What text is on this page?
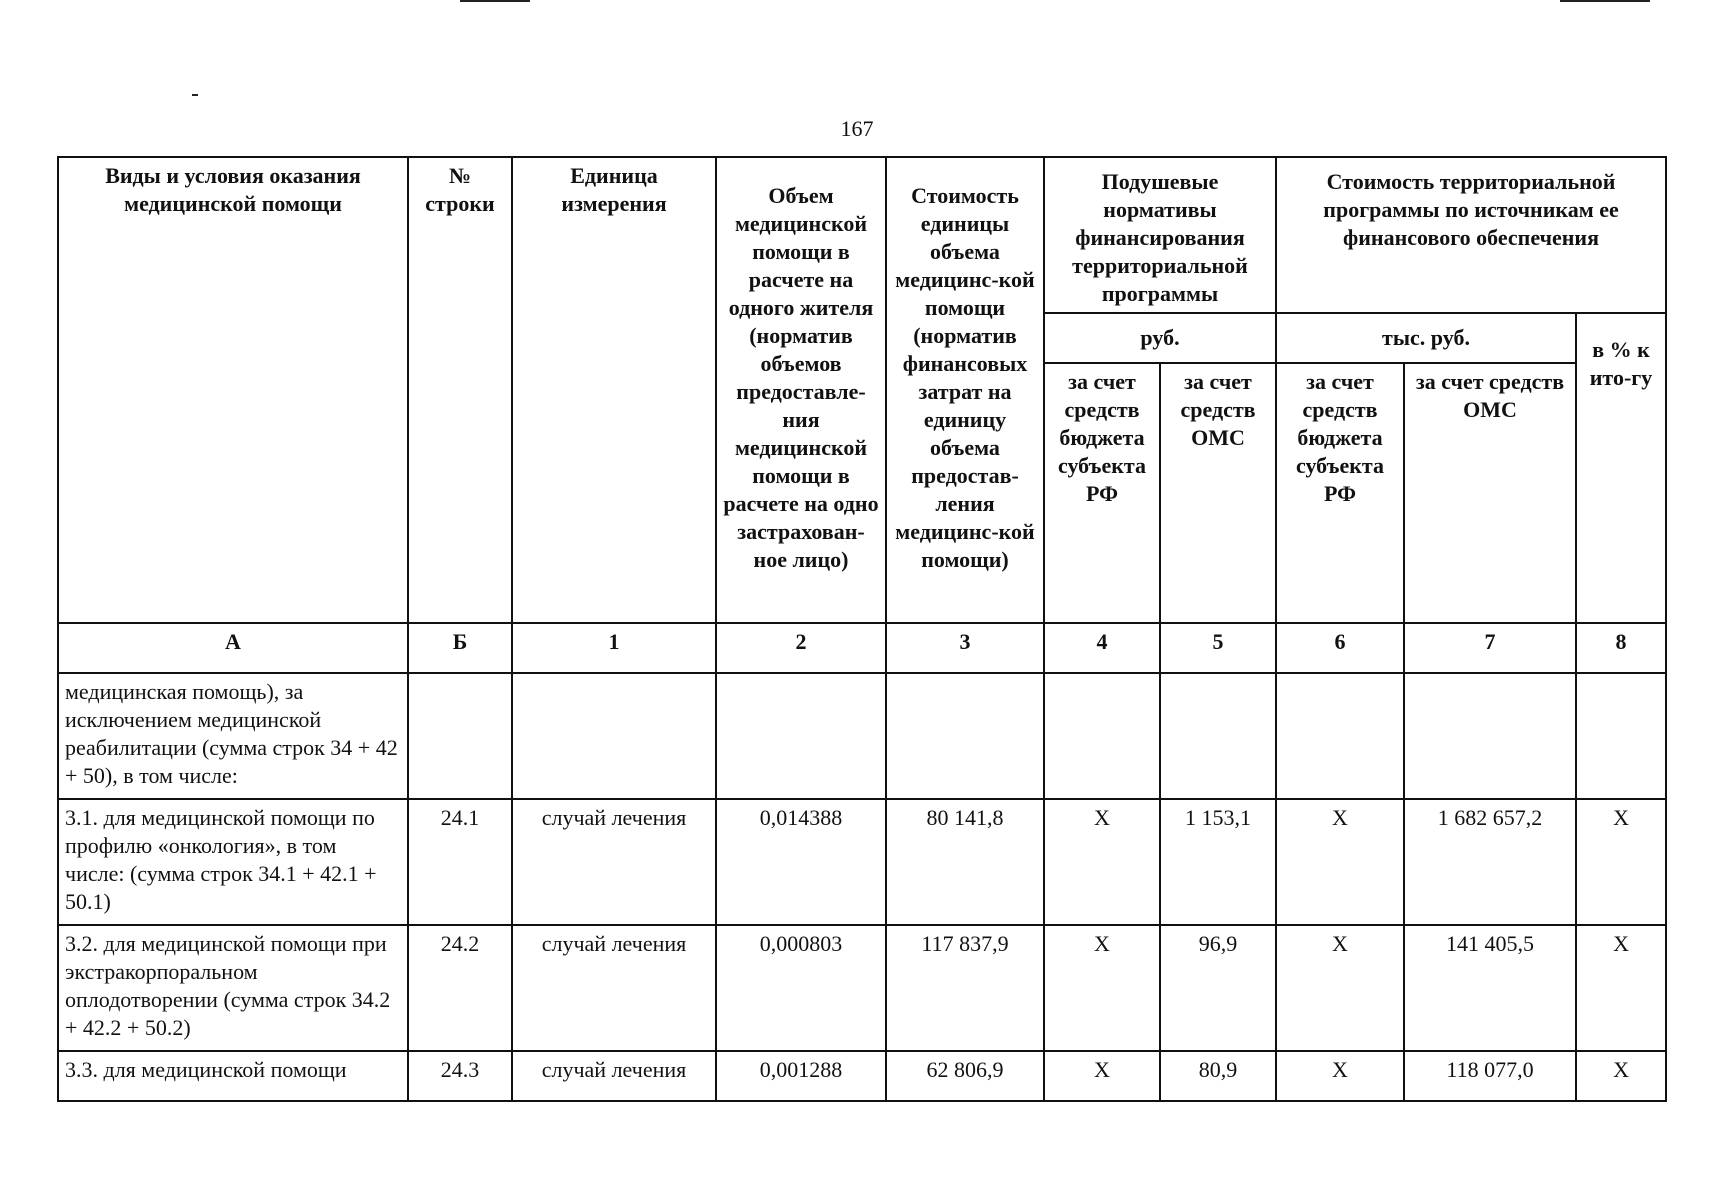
167
Виды и условия оказания медицинской помощи	№ строки	Единица измерения	Объем медицинской помощи в расчете на одного жителя (норматив объемов предоставле-ния медицинской помощи в расчете на одно застрахован-ное лицо)	Стоимость единицы объема медицинс-кой помощи (норматив финансовых затрат на единицу объема предостав-ления медицинс-кой помощи)	Подушевые нормативы финансирования территориальной программы		Стоимость территориальной программы по источникам ее финансового обеспечения		
					руб.		тыс. руб.		в % к ито-гу
					за счет средств бюджета субъекта РФ	за счет средств ОМС	за счет средств бюджета субъекта РФ	за счет средств ОМС	
А	Б	1	2	3	4	5	6	7	8
медицинская помощь), за исключением медицинской реабилитации (сумма строк 34 + 42 + 50), в том числе:									
3.1. для медицинской помощи по профилю «онкология», в том числе: (сумма строк 34.1 + 42.1 + 50.1)	24.1	случай лечения	0,014388	80 141,8	Х	1 153,1	Х	1 682 657,2	Х
3.2. для медицинской помощи при экстракорпоральном оплодотворении (сумма строк 34.2 + 42.2 + 50.2)	24.2	случай лечения	0,000803	117 837,9	Х	96,9	Х	141 405,5	Х
3.3. для медицинской помощи	24.3	случай лечения	0,001288	62 806,9	Х	80,9	Х	118 077,0	Х
